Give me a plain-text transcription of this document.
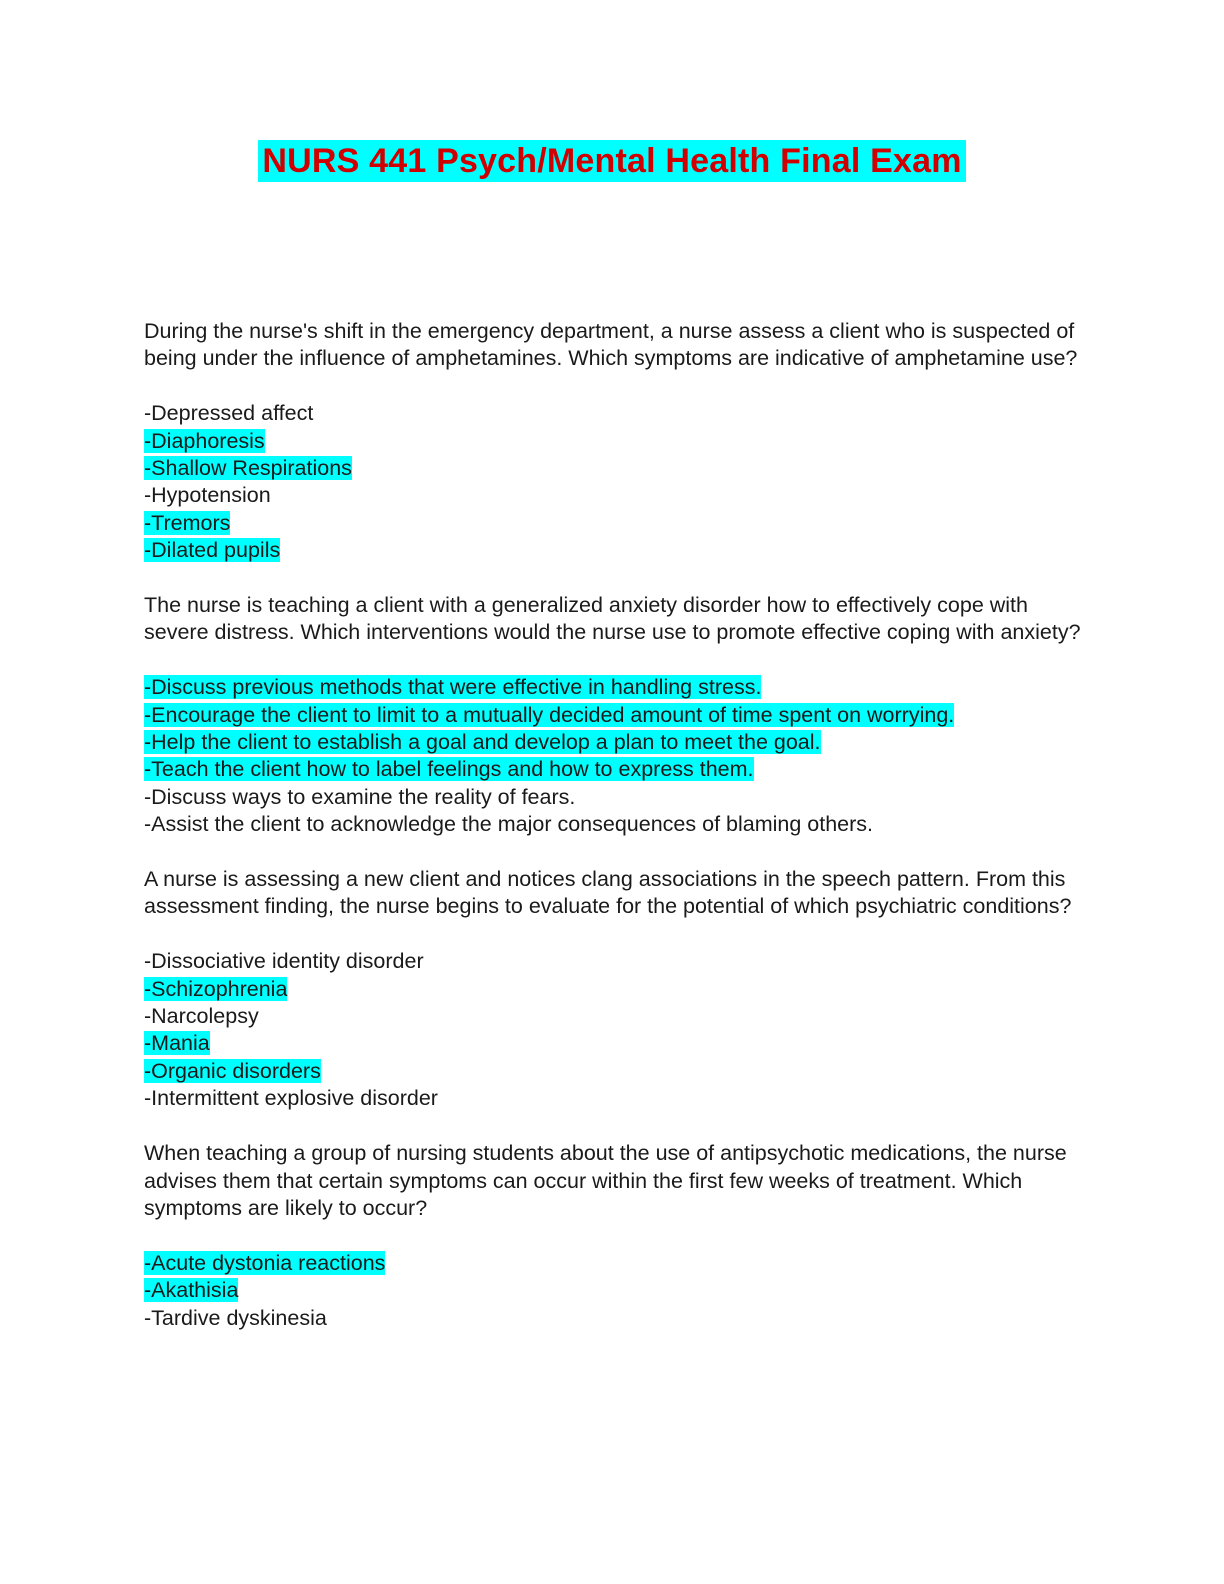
NURS 441 Psych/Mental Health Final Exam

During the nurse's shift in the emergency department, a nurse assess a client who is suspected of being under the influence of amphetamines. Which symptoms are indicative of amphetamine use?

-Depressed affect
-Diaphoresis
-Shallow Respirations
-Hypotension
-Tremors
-Dilated pupils

The nurse is teaching a client with a generalized anxiety disorder how to effectively cope with severe distress. Which interventions would the nurse use to promote effective coping with anxiety?

-Discuss previous methods that were effective in handling stress.
-Encourage the client to limit to a mutually decided amount of time spent on worrying.
-Help the client to establish a goal and develop a plan to meet the goal.
-Teach the client how to label feelings and how to express them.
-Discuss ways to examine the reality of fears.
-Assist the client to acknowledge the major consequences of blaming others.

A nurse is assessing a new client and notices clang associations in the speech pattern. From this assessment finding, the nurse begins to evaluate for the potential of which psychiatric conditions?

-Dissociative identity disorder
-Schizophrenia
-Narcolepsy
-Mania
-Organic disorders
-Intermittent explosive disorder

When teaching a group of nursing students about the use of antipsychotic medications, the nurse advises them that certain symptoms can occur within the first few weeks of treatment. Which symptoms are likely to occur?

-Acute dystonia reactions
-Akathisia
-Tardive dyskinesia
